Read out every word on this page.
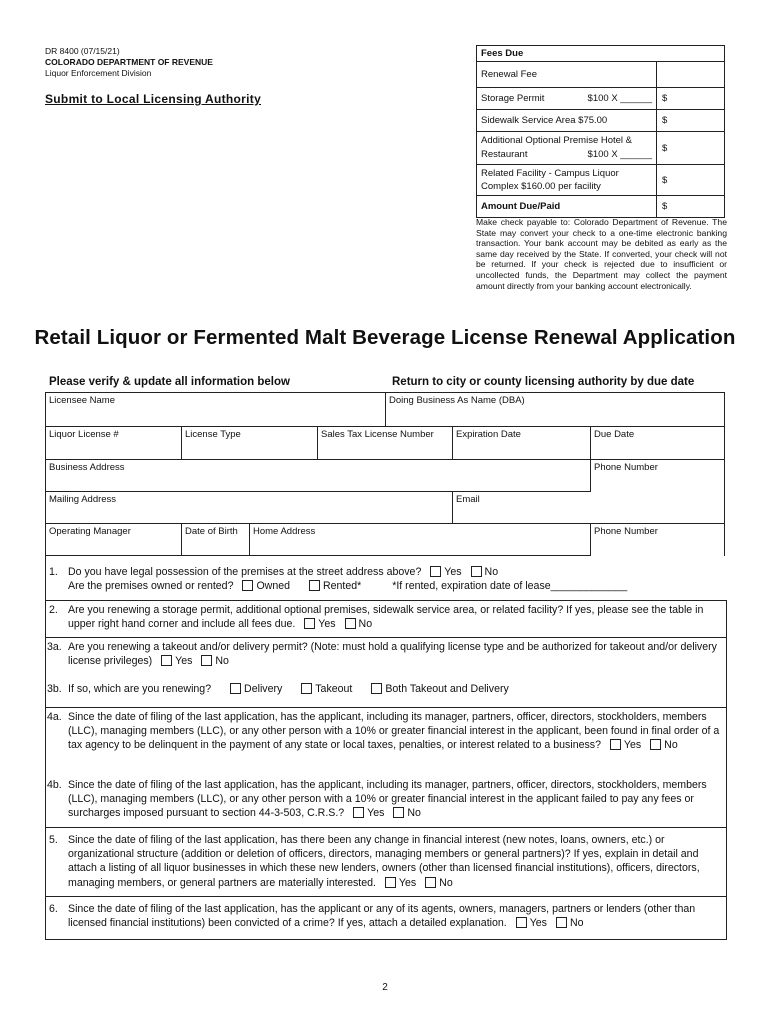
DR 8400 (07/15/21)
COLORADO DEPARTMENT OF REVENUE
Liquor Enforcement Division
Submit to Local Licensing Authority
Fees Due	
Renewal Fee	

Storage Permit $100 X ______	$
Sidewalk Service Area $75.00	$

Additional Optional Premise Hotel &
Restaurant $100 X ______	$
Related Facility - Campus Liquor Complex $160.00 per facility	$
Amount Due/Paid	$
Make check payable to: Colorado Department of Revenue. The State may convert your check to a one-time electronic banking transaction. Your bank account may be debited as early as the same day received by the State. If converted, your check will not be returned. If your check is rejected due to insufficient or uncollected funds, the Department may collect the payment amount directly from your banking account electronically.
Retail Liquor or Fermented Malt Beverage License Renewal Application
Please verify & update all information below	Return to city or county licensing authority by due date
Licensee Name	Doing Business As Name (DBA)
Liquor License #	License Type	Sales Tax License Number	Expiration Date	Due Date
Business Address	Phone Number
Mailing Address	Email
Operating Manager	Date of Birth	Home Address	Phone Number
1. Do you have legal possession of the premises at the street address above? Yes No
Are the premises owned or rented? Owned	Rented*	*If rented, expiration date of lease_____________
2. Are you renewing a storage permit, additional optional premises, sidewalk service area, or related facility? If yes, please see the table in upper right hand corner and include all fees due. Yes No
3a. Are you renewing a takeout and/or delivery permit? (Note: must hold a qualifying license type and be authorized for takeout and/or delivery license privileges) Yes No
3b. If so, which are you renewing?	Delivery	Takeout	Both Takeout and Delivery
4a. Since the date of filing of the last application, has the applicant, including its manager, partners, officer, directors, stockholders, members (LLC), managing members (LLC), or any other person with a 10% or greater financial interest in the applicant, been found in final order of a tax agency to be delinquent in the payment of any state or local taxes, penalties, or interest related to a business? Yes No
4b. Since the date of filing of the last application, has the applicant, including its manager, partners, officer, directors, stockholders, members (LLC), managing members (LLC), or any other person with a 10% or greater financial interest in the applicant failed to pay any fees or surcharges imposed pursuant to section 44-3-503, C.R.S.? Yes No
5. Since the date of filing of the last application, has there been any change in financial interest (new notes, loans, owners, etc.) or organizational structure (addition or deletion of officers, directors, managing members or general partners)? If yes, explain in detail and attach a listing of all liquor businesses in which these new lenders, owners (other than licensed financial institutions), officers, directors, managing members, or general partners are materially interested. Yes No
6. Since the date of filing of the last application, has the applicant or any of its agents, owners, managers, partners or lenders (other than licensed financial institutions) been convicted of a crime? If yes, attach a detailed explanation. Yes No
2
